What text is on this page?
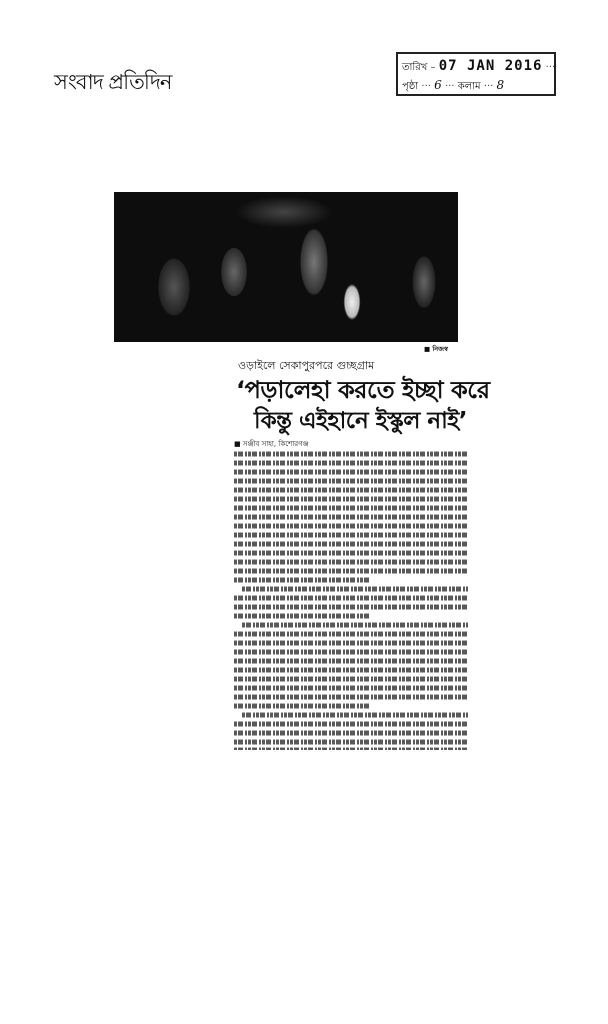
সংবাদ প্রতিদিন
তারিখ – 07 JAN 2016 ···
পৃষ্ঠা ··· 6 ··· কলাম ··· 8
■ নিজস্ব
ওড়াইলে সেকাপুরপরে গুচ্ছগ্রাম
‘পড়ালেহা করতে ইচ্ছা করে
কিন্তু এইহানে ইস্কুল নাই’
■ সঞ্জীব সাহা, কিশোরগঞ্জ
